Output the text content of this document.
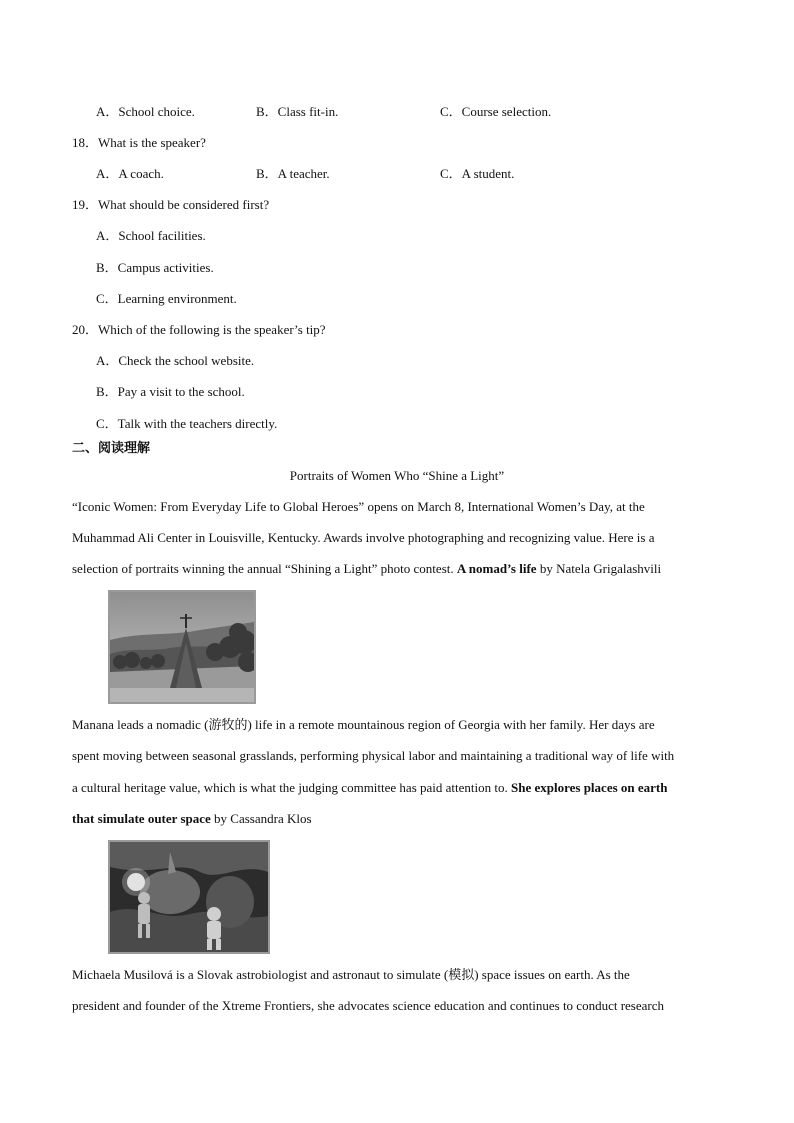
A．School choice.	B．Class fit-in.	C．Course selection.
18．What is the speaker?
A．A coach.	B．A teacher.	C．A student.
19．What should be considered first?
A．School facilities.
B．Campus activities.
C．Learning environment.
20．Which of the following is the speaker’s tip?
A．Check the school website.
B．Pay a visit to the school.
C．Talk with the teachers directly.
二、阅读理解
Portraits of Women Who “Shine a Light”
“Iconic Women: From Everyday Life to Global Heroes” opens on March 8, International Women’s Day, at the
Muhammad Ali Center in Louisville, Kentucky. Awards involve photographing and recognizing value. Here is a
selection of portraits winning the annual “Shining a Light” photo contest. A nomad’s life by Natela Grigalashvili
Manana leads a nomadic (游牧的) life in a remote mountainous region of Georgia with her family. Her days are
spent moving between seasonal grasslands, performing physical labor and maintaining a traditional way of life with
a cultural heritage value, which is what the judging committee has paid attention to. She explores places on earth
that simulate outer space by Cassandra Klos
Michaela Musilová is a Slovak astrobiologist and astronaut to simulate (模拟) space issues on earth. As the
president and founder of the Xtreme Frontiers, she advocates science education and continues to conduct research
